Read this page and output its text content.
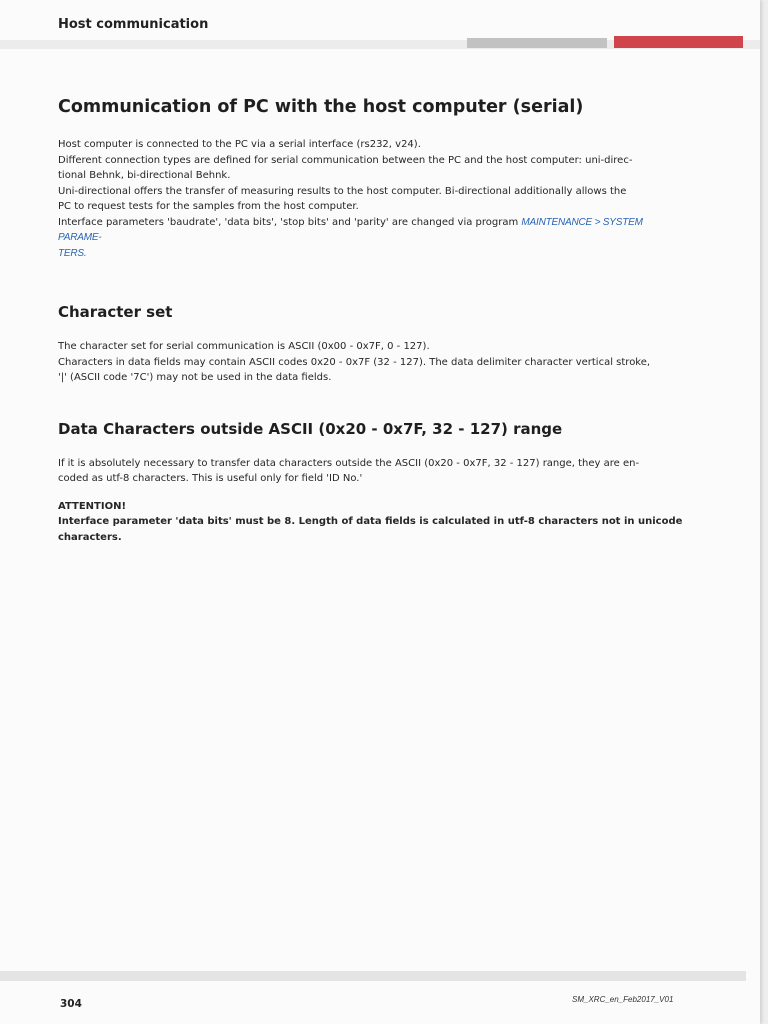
Host communication
Communication of PC with the host computer (serial)

Host computer is connected to the PC via a serial interface (rs232, v24).
Different connection types are defined for serial communication between the PC and the host computer: uni-direc-
tional Behnk, bi-directional Behnk.
Uni-directional offers the transfer of measuring results to the host computer. Bi-directional additionally allows the
PC to request tests for the samples from the host computer.
Interface parameters 'baudrate', 'data bits', 'stop bits' and 'parity' are changed via program MAINTENANCE > SYSTEM PARAME-
TERS.

Character set

The character set for serial communication is ASCII (0x00 - 0x7F, 0 - 127).
Characters in data fields may contain ASCII codes 0x20 - 0x7F (32 - 127). The data delimiter character vertical stroke,
'|' (ASCII code '7C') may not be used in the data fields.

Data Characters outside ASCII (0x20 - 0x7F, 32 - 127) range

If it is absolutely necessary to transfer data characters outside the ASCII (0x20 - 0x7F, 32 - 127) range, they are en-
coded as utf-8 characters. This is useful only for field 'ID No.'

ATTENTION!
Interface parameter 'data bits' must be 8. Length of data fields is calculated in utf-8 characters not in unicode
characters.

304	SM_XRC_en_Feb2017_V01
